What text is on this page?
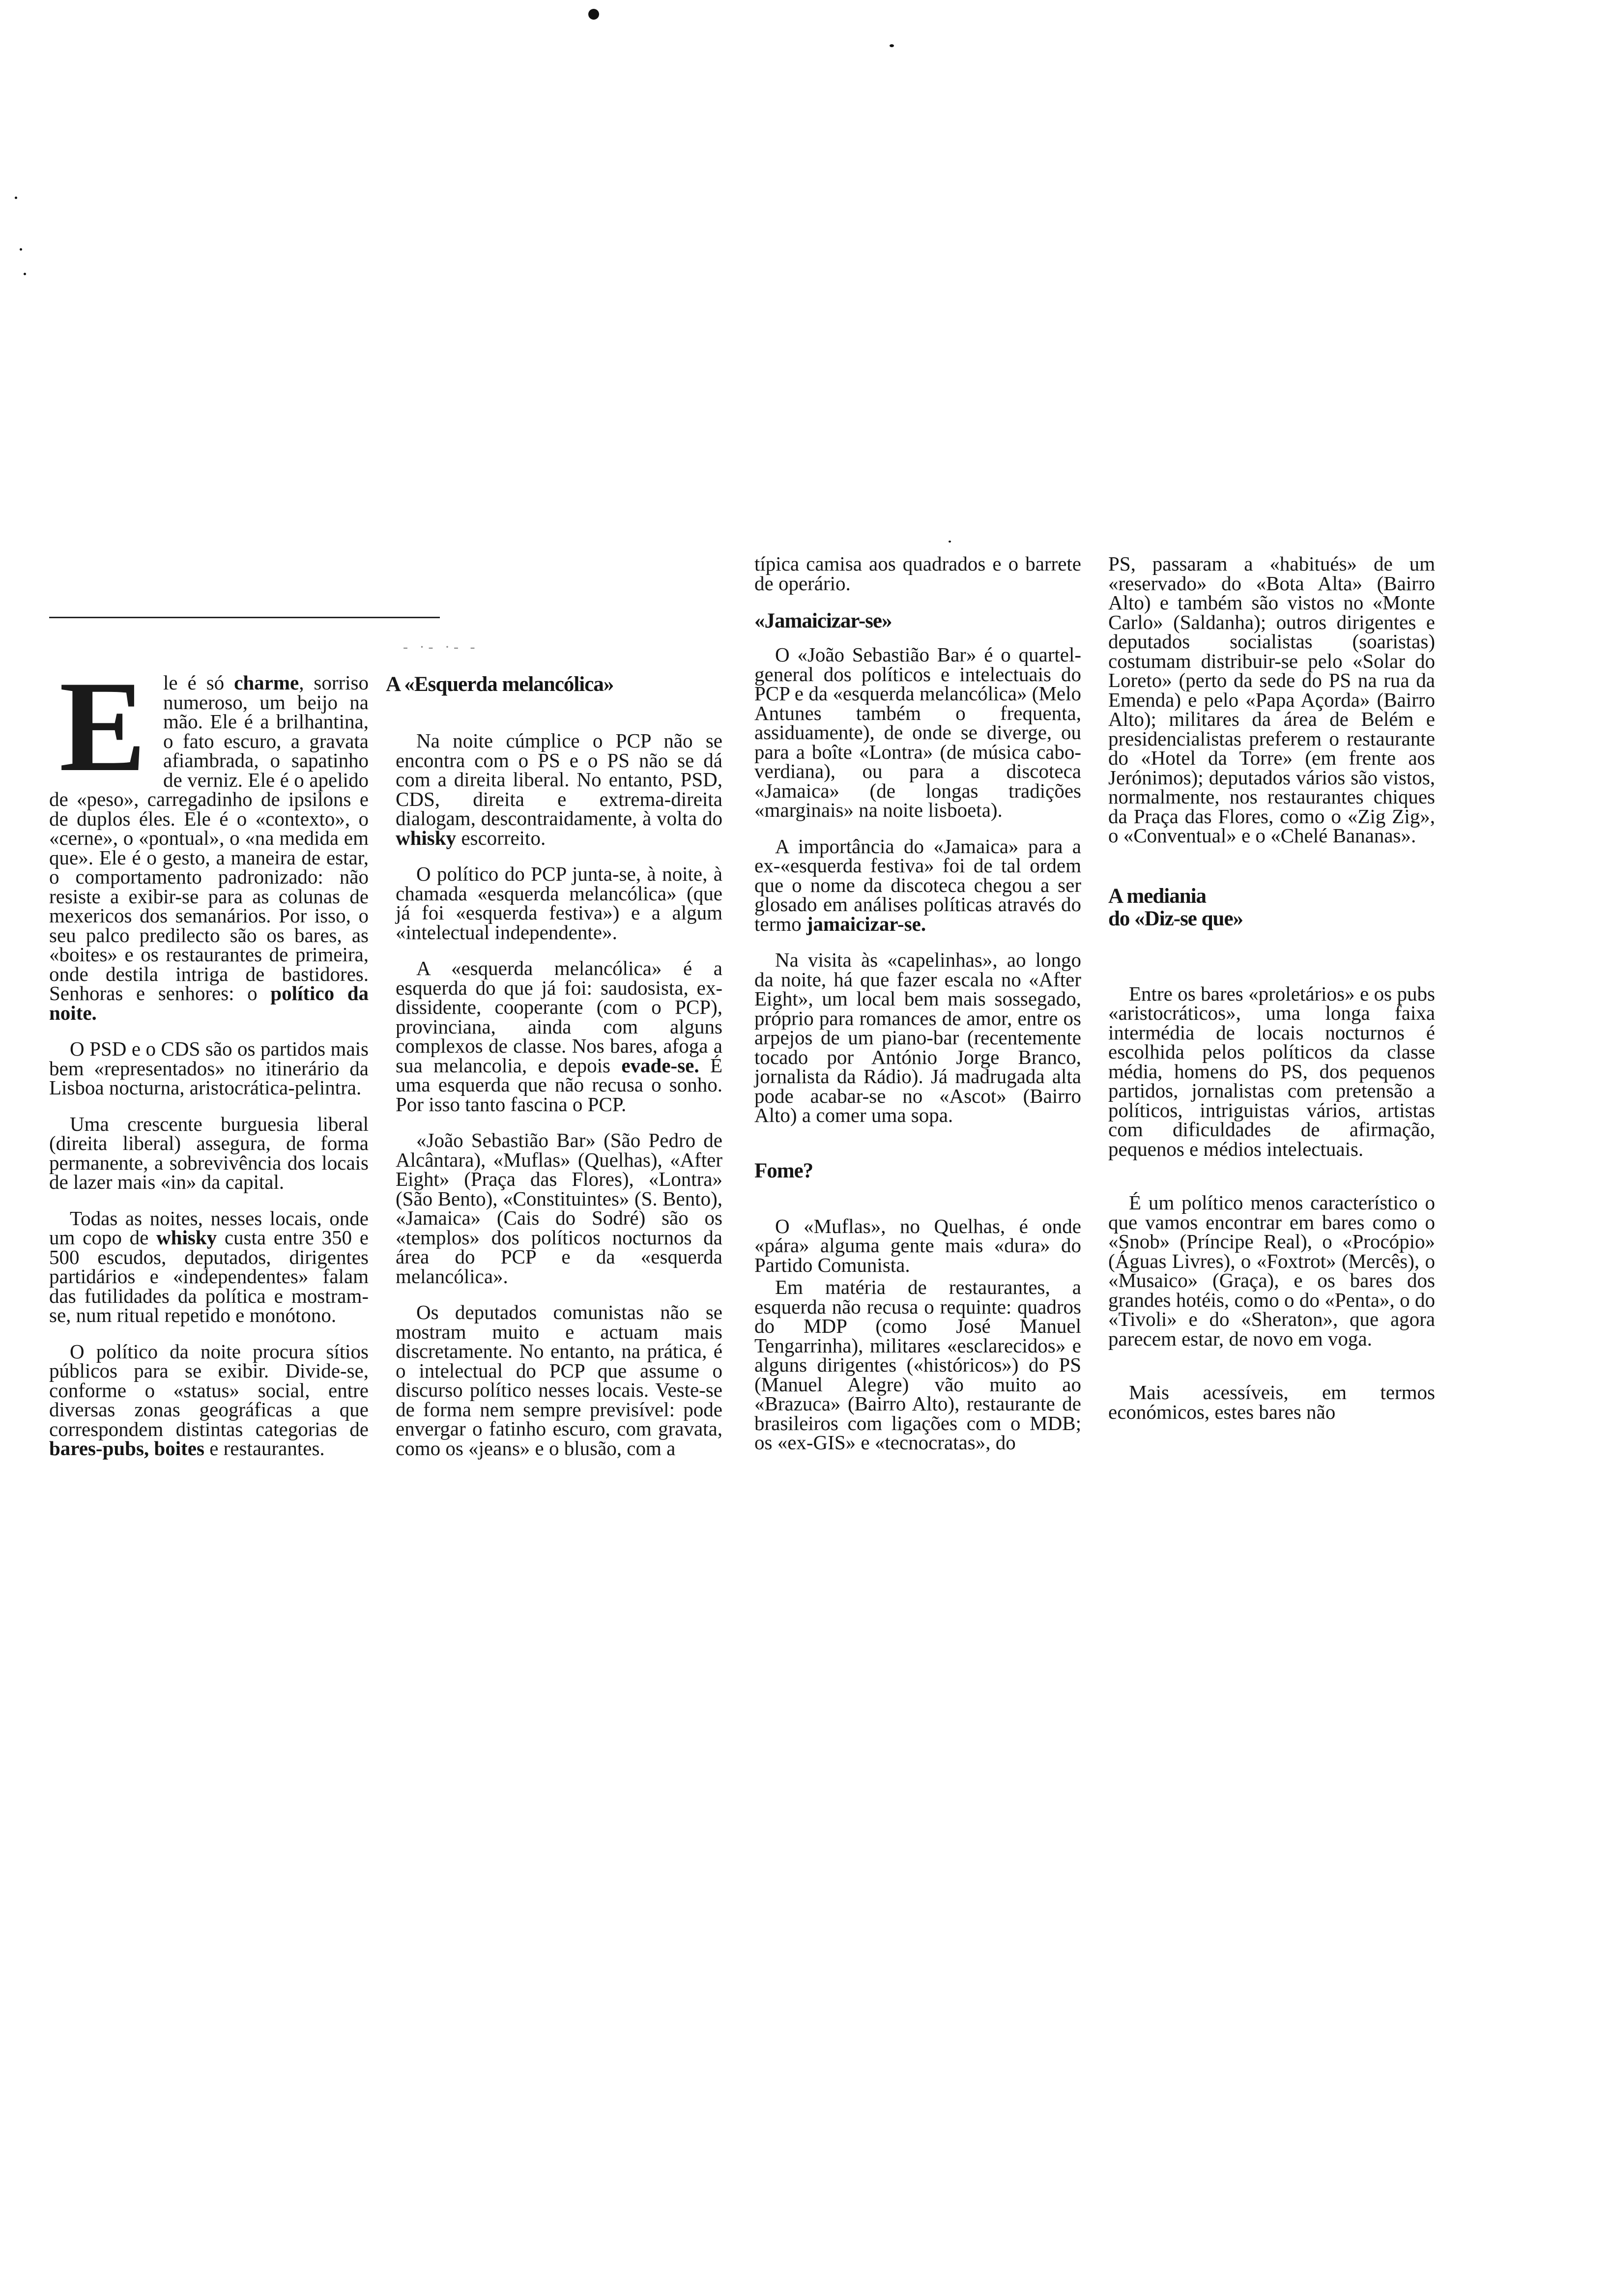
- ·- ·- -

Ele é só charme, sorriso numeroso, um beijo na mão. Ele é a brilhantina, o fato escuro, a gravata afiambrada, o sapatinho de verniz. Ele é o apelido de «peso», carregadinho de ipsilons e de duplos éles. Ele é o «contexto», o «cerne», o «pontual», o «na medida em que». Ele é o gesto, a maneira de estar, o comportamento padronizado: não resiste a exibir-se para as colunas de mexericos dos semanários. Por isso, o seu palco predilecto são os bares, as «boites» e os restaurantes de primeira, onde destila intriga de bastidores. Senhoras e senhores: o político da noite.

O PSD e o CDS são os partidos mais bem «representados» no itinerário da Lisboa nocturna, aristocrática-pelintra.

Uma crescente burguesia liberal (direita liberal) assegura, de forma permanente, a sobrevivência dos locais de lazer mais «in» da capital.

Todas as noites, nesses locais, onde um copo de whisky custa entre 350 e 500 escudos, deputados, dirigentes partidários e «independentes» falam das futilidades da política e mostram-se, num ritual repetido e monótono.

O político da noite procura sítios públicos para se exibir. Divide-se, conforme o «status» social, entre diversas zonas geográficas a que correspondem distintas categorias de bares-pubs, boites e restaurantes.

A «Esquerda melancólica»

Na noite cúmplice o PCP não se encontra com o PS e o PS não se dá com a direita liberal. No entanto, PSD, CDS, direita e extrema-direita dialogam, descontraidamente, à volta do whisky escorreito.

O político do PCP junta-se, à noite, à chamada «esquerda melancólica» (que já foi «esquerda festiva») e a algum «intelectual independente».

A «esquerda melancólica» é a esquerda do que já foi: saudosista, ex-dissidente, cooperante (com o PCP), provinciana, ainda com alguns complexos de classe. Nos bares, afoga a sua melancolia, e depois evade-se. É uma esquerda que não recusa o sonho. Por isso tanto fascina o PCP.

«João Sebastião Bar» (São Pedro de Alcântara), «Muflas» (Quelhas), «After Eight» (Praça das Flores), «Lontra» (São Bento), «Constituintes» (S. Bento), «Jamaica» (Cais do Sodré) são os «templos» dos políticos nocturnos da área do PCP e da «esquerda melancólica».

Os deputados comunistas não se mostram muito e actuam mais discretamente. No entanto, na prática, é o intelectual do PCP que assume o discurso político nesses locais. Veste-se de forma nem sempre previsível: pode envergar o fatinho escuro, com gravata, como os «jeans» e o blusão, com a

típica camisa aos quadrados e o barrete de operário.

«Jamaicizar-se»

O «João Sebastião Bar» é o quartel-general dos políticos e intelectuais do PCP e da «esquerda melancólica» (Melo Antunes também o frequenta, assiduamente), de onde se diverge, ou para a boîte «Lontra» (de música cabo-verdiana), ou para a discoteca «Jamaica» (de longas tradições «marginais» na noite lisboeta).

A importância do «Jamaica» para a ex-«esquerda festiva» foi de tal ordem que o nome da discoteca chegou a ser glosado em análises políticas através do termo jamaicizar-se.

Na visita às «capelinhas», ao longo da noite, há que fazer escala no «After Eight», um local bem mais sossegado, próprio para romances de amor, entre os arpejos de um piano-bar (recentemente tocado por António Jorge Branco, jornalista da Rádio). Já madrugada alta pode acabar-se no «Ascot» (Bairro Alto) a comer uma sopa.

Fome?

O «Muflas», no Quelhas, é onde «pára» alguma gente mais «dura» do Partido Comunista.

Em matéria de restaurantes, a esquerda não recusa o requinte: quadros do MDP (como José Manuel Tengarrinha), militares «esclarecidos» e alguns dirigentes («históricos») do PS (Manuel Alegre) vão muito ao «Brazuca» (Bairro Alto), restaurante de brasileiros com ligações com o MDB; os «ex-GIS» e «tecnocratas», do

PS, passaram a «habitués» de um «reservado» do «Bota Alta» (Bairro Alto) e também são vistos no «Monte Carlo» (Saldanha); outros dirigentes e deputados socialistas (soaristas) costumam distribuir-se pelo «Solar do Loreto» (perto da sede do PS na rua da Emenda) e pelo «Papa Açorda» (Bairro Alto); militares da área de Belém e presidencialistas preferem o restaurante do «Hotel da Torre» (em frente aos Jerónimos); deputados vários são vistos, normalmente, nos restaurantes chiques da Praça das Flores, como o «Zig Zig», o «Conventual» e o «Chelé Bananas».

A mediania
do «Diz-se que»

Entre os bares «proletários» e os pubs «aristocráticos», uma longa faixa intermédia de locais nocturnos é escolhida pelos políticos da classe média, homens do PS, dos pequenos partidos, jornalistas com pretensão a políticos, intriguistas vários, artistas com dificuldades de afirmação, pequenos e médios intelectuais.

É um político menos característico o que vamos encontrar em bares como o «Snob» (Príncipe Real), o «Procópio» (Águas Livres), o «Foxtrot» (Mercês), o «Musaico» (Graça), e os bares dos grandes hotéis, como o do «Penta», o do «Tivoli» e do «Sheraton», que agora parecem estar, de novo em voga.

Mais acessíveis, em termos económicos, estes bares não
